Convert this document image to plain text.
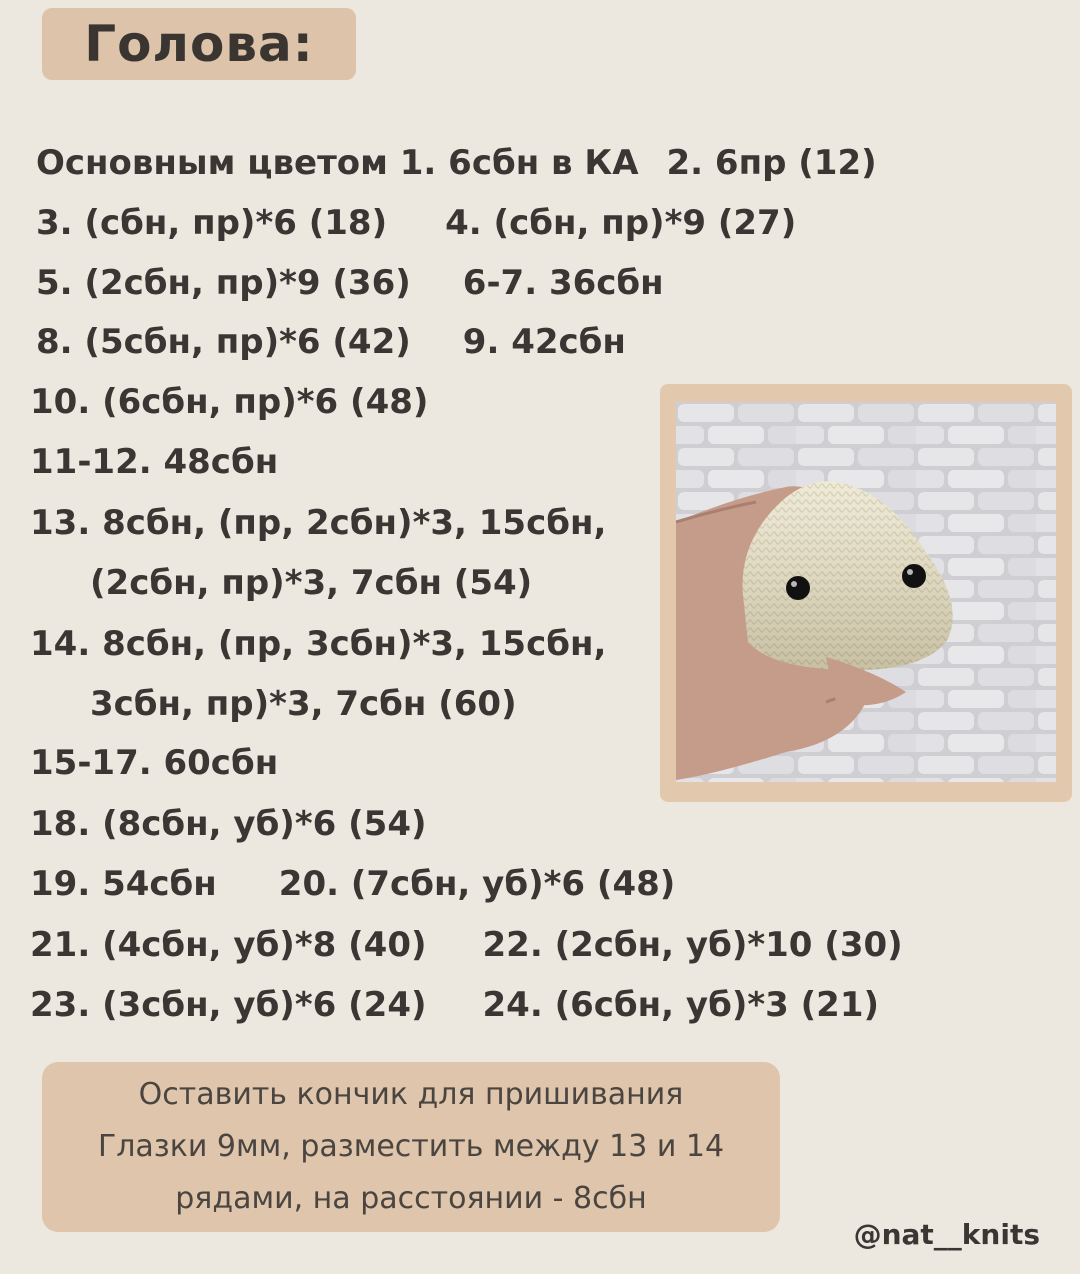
Голова:
Основным цветом 1. 6сбн в КА 2. 6пр (12)
3. (сбн, пр)*6 (18) 4. (сбн, пр)*9 (27)
5. (2сбн, пр)*9 (36) 6-7. 36сбн
8. (5сбн, пр)*6 (42) 9. 42сбн
10. (6сбн, пр)*6 (48)
11-12. 48сбн
13. 8сбн, (пр, 2сбн)*3, 15сбн,
(2сбн, пр)*3, 7сбн (54)
14. 8сбн, (пр, 3сбн)*3, 15сбн,
3сбн, пр)*3, 7сбн (60)
15-17. 60сбн
18. (8сбн, уб)*6 (54)
19. 54сбн 20. (7сбн, уб)*6 (48)
21. (4сбн, уб)*8 (40) 22. (2сбн, уб)*10 (30)
23. (3сбн, уб)*6 (24) 24. (6сбн, уб)*3 (21)
Оставить кончик для пришивания
Глазки 9мм, разместить между 13 и 14
рядами, на расстоянии - 8сбн
@nat__knits
